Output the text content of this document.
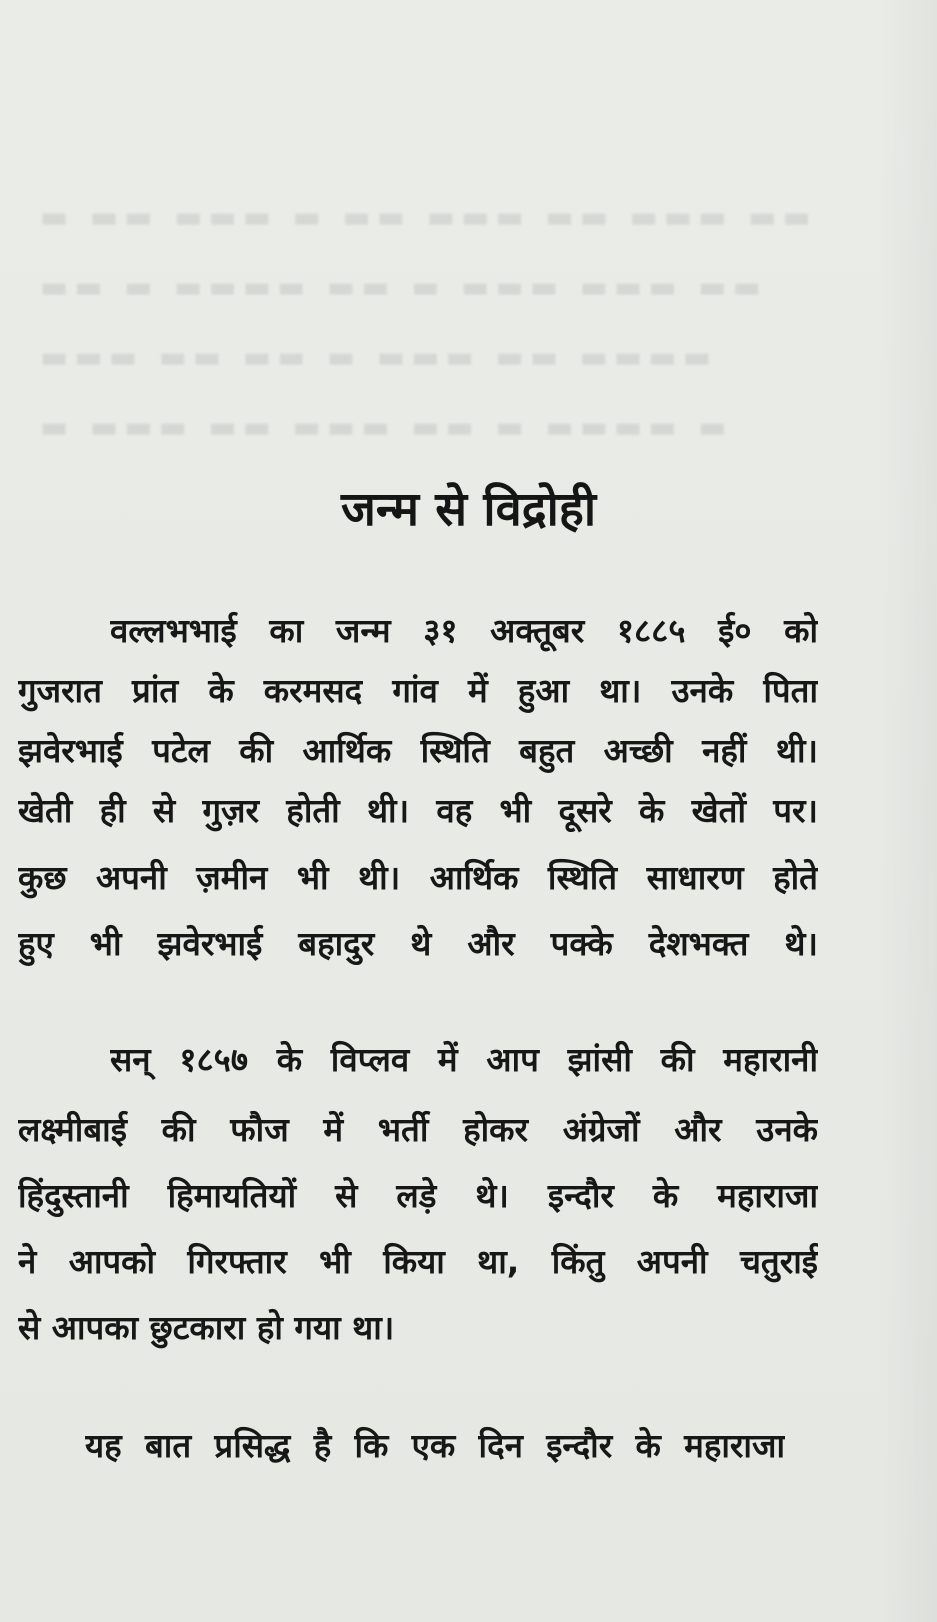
▬ ▬▬ ▬▬▬ ▬ ▬▬ ▬▬▬ ▬▬ ▬▬▬ ▬▬
▬▬ ▬ ▬▬▬▬ ▬▬ ▬ ▬▬▬ ▬▬▬ ▬▬
▬▬▬ ▬▬ ▬▬ ▬ ▬▬▬ ▬▬ ▬▬▬▬
▬ ▬▬▬ ▬▬ ▬▬▬ ▬▬ ▬ ▬▬▬▬ ▬
जन्म से विद्रोही
वल्लभभाई का जन्म ३१ अक्तूबर १८८५ ई० को
गुजरात प्रांत के करमसद गांव में हुआ था। उनके पिता
झवेरभाई पटेल की आर्थिक स्थिति बहुत अच्छी नहीं थी।
खेती ही से गुज़र होती थी। वह भी दूसरे के खेतों पर।
कुछ अपनी ज़मीन भी थी। आर्थिक स्थिति साधारण होते
हुए भी झवेरभाई बहादुर थे और पक्के देशभक्त थे।
सन् १८५७ के विप्लव में आप झांसी की महारानी
लक्ष्मीबाई की फौज में भर्ती होकर अंग्रेजों और उनके
हिंदुस्तानी हिमायतियों से लड़े थे। इन्दौर के महाराजा
ने आपको गिरफ्तार भी किया था, किंतु अपनी चतुराई
से आपका छुटकारा हो गया था।
यह बात प्रसिद्ध है कि एक दिन इन्दौर के महाराजा
